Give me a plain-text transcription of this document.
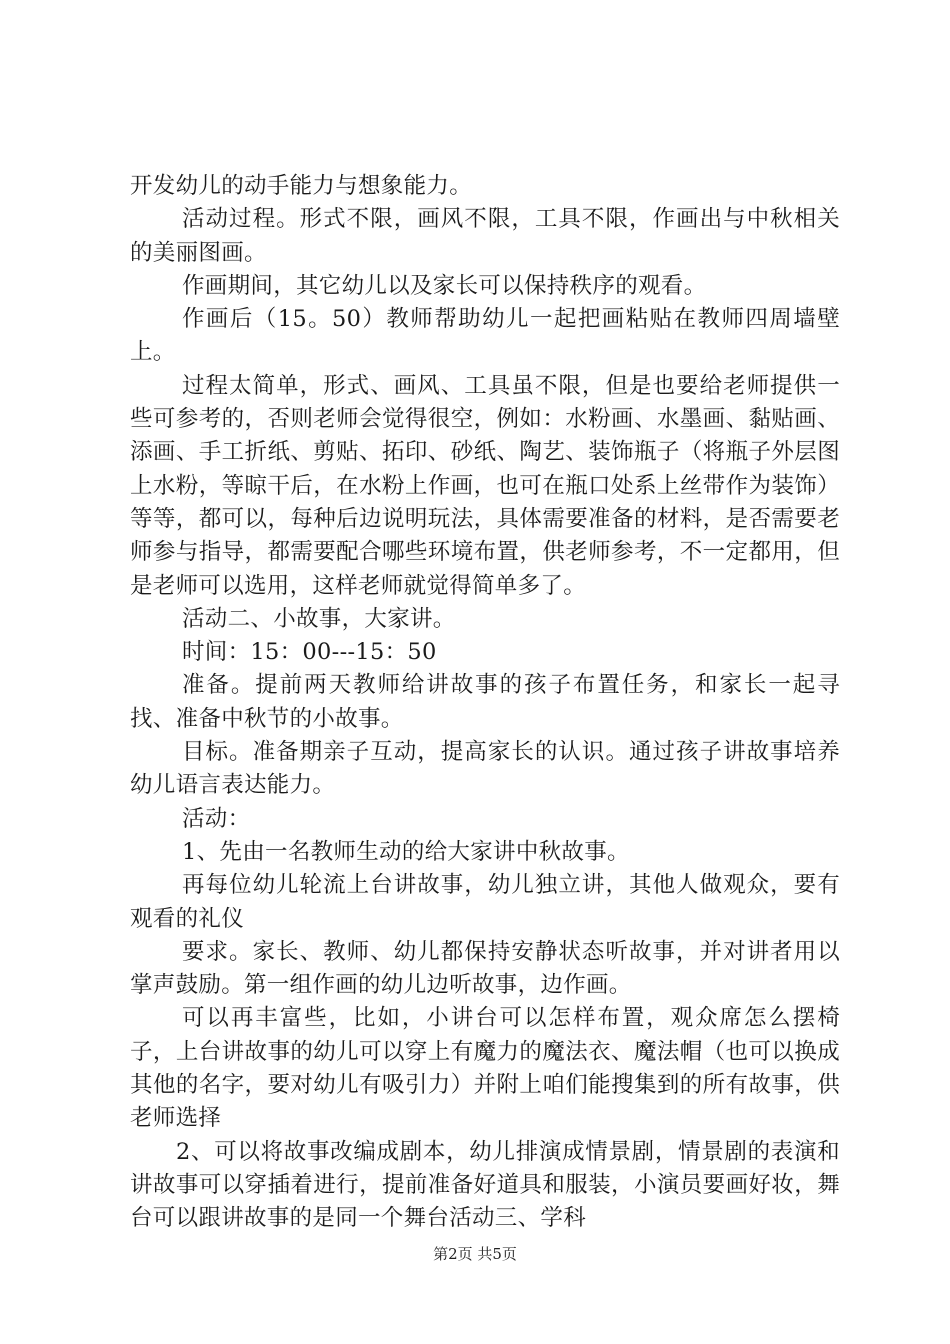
开发幼儿的动手能力与想象能力。

活动过程。形式不限，画风不限，工具不限，作画出与中秋相关的美丽图画。

作画期间，其它幼儿以及家长可以保持秩序的观看。

作画后（15。50）教师帮助幼儿一起把画粘贴在教师四周墙壁上。

过程太简单，形式、画风、工具虽不限，但是也要给老师提供一些可参考的，否则老师会觉得很空，例如：水粉画、水墨画、黏贴画、添画、手工折纸、剪贴、拓印、砂纸、陶艺、装饰瓶子（将瓶子外层图上水粉，等晾干后，在水粉上作画，也可在瓶口处系上丝带作为装饰）等等，都可以，每种后边说明玩法，具体需要准备的材料，是否需要老师参与指导，都需要配合哪些环境布置，供老师参考，不一定都用，但是老师可以选用，这样老师就觉得简单多了。

活动二、小故事，大家讲。

时间：15：00---15：50

准备。提前两天教师给讲故事的孩子布置任务，和家长一起寻找、准备中秋节的小故事。

目标。准备期亲子互动，提高家长的认识。通过孩子讲故事培养幼儿语言表达能力。

活动：

1、先由一名教师生动的给大家讲中秋故事。

再每位幼儿轮流上台讲故事，幼儿独立讲，其他人做观众，要有观看的礼仪

要求。家长、教师、幼儿都保持安静状态听故事，并对讲者用以掌声鼓励。第一组作画的幼儿边听故事，边作画。

可以再丰富些，比如，小讲台可以怎样布置，观众席怎么摆椅子，上台讲故事的幼儿可以穿上有魔力的魔法衣、魔法帽（也可以换成其他的名字，要对幼儿有吸引力）并附上咱们能搜集到的所有故事，供老师选择

2、可以将故事改编成剧本，幼儿排演成情景剧，情景剧的表演和讲故事可以穿插着进行，提前准备好道具和服装，小演员要画好妆，舞台可以跟讲故事的是同一个舞台活动三、学科

第2页 共5页
